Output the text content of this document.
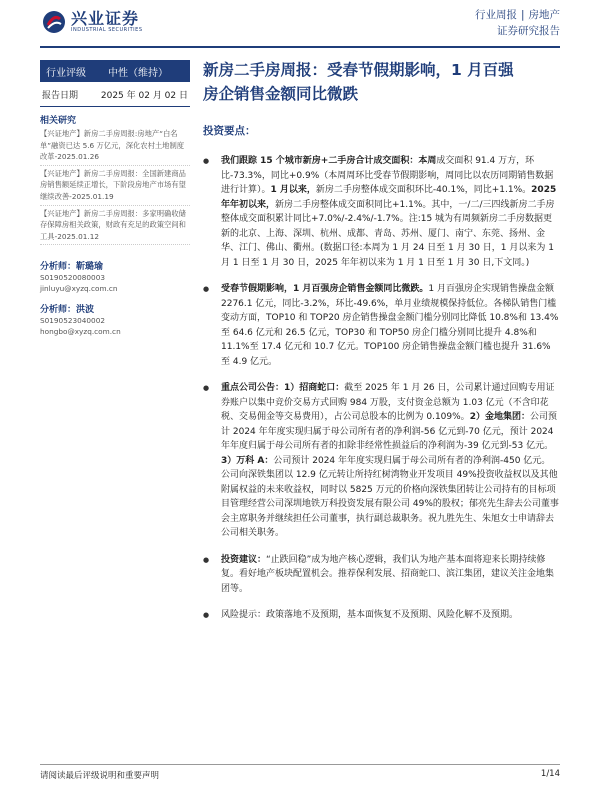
兴业证券
INDUSTRIAL SECURITIES
行业周报 | 房地产
证券研究报告
行业评级	中性（维持）
报告日期	2025 年 02 月 02 日
相关研究
【兴证地产】新房二手房周报:房地产“白名单”融资已达 5.6 万亿元，深化农村土地制度改革-2025.01.26
【兴证地产】新房二手房周报：全国新建商品房销售额延续正增长，下阶段房地产市场有望继续改善-2025.01.19
【兴证地产】新房二手房周报：多家明确收储存保障房相关政策，财政有充足的政策空间和工具-2025.01.12
分析师：靳璐瑜
S0190520080003
jinluyu@xyzq.com.cn
分析师：洪波
S0190523040002
hongbo@xyzq.com.cn
新房二手房周报：受春节假期影响，1 月百强
房企销售金额同比微跌
投资要点：
● 我们跟踪 15 个城市新房+二手房合计成交面积：本周成交面积 91.4 万方，环比-73.3%，同比+0.9%（本周周环比受春节假期影响，周同比以农历同期销售数据进行计算）。1 月以来，新房二手房整体成交面积环比-40.1%，同比+1.1%。2025 年年初以来，新房二手房整体成交面积同比+1.1%。其中，一/二/三四线新房二手房整体成交面积累计同比+7.0%/-2.4%/-1.7%。注:15 城为有周频新房二手房数据更新的北京、上海、深圳、杭州、成都、青岛、苏州、厦门、南宁、东莞、扬州、金华、江门、佛山、衢州。(数据口径:本周为 1 月 24 日至 1 月 30 日，1 月以来为 1 月 1 日至 1 月 30 日，2025 年年初以来为 1 月 1 日至 1 月 30 日,下文同。)
● 受春节假期影响，1 月百强房企销售金额同比微跌。1 月百强房企实现销售操盘金额 2276.1 亿元，同比-3.2%，环比-49.6%，单月业绩规模保持低位。各梯队销售门槛变动方面，TOP10 和 TOP20 房企销售操盘金额门槛分别同比降低 10.8%和 13.4%至 64.6 亿元和 26.5 亿元，TOP30 和 TOP50 房企门槛分别同比提升 4.8%和 11.1%至 17.4 亿元和 10.7 亿元。TOP100 房企销售操盘金额门槛也提升 31.6%至 4.9 亿元。
● 重点公司公告：1）招商蛇口：截至 2025 年 1 月 26 日，公司累计通过回购专用证券账户以集中竞价交易方式回购 984 万股，支付资金总额为 1.03 亿元（不含印花税、交易佣金等交易费用），占公司总股本的比例为 0.109%。2）金地集团：公司预计 2024 年年度实现归属于母公司所有者的净利润-56 亿元到-70 亿元，预计 2024 年年度归属于母公司所有者的扣除非经常性损益后的净利润为-39 亿元到-53 亿元。3）万科 A：公司预计 2024 年年度实现归属于母公司所有者的净利润-450 亿元。公司向深铁集团以 12.9 亿元转让所持红树湾物业开发项目 49%投资收益权以及其他附属权益的未来收益权，同时以 5825 万元的价格向深铁集团转让公司持有的目标项目管理经营公司深圳地铁万科投资发展有限公司 49%的股权；郁亮先生辞去公司董事会主席职务并继续担任公司董事，执行副总裁职务。祝九胜先生、朱旭女士申请辞去公司相关职务。
● 投资建议：“止跌回稳”成为地产核心逻辑，我们认为地产基本面将迎来长期持续修复。看好地产板块配置机会。推荐保利发展、招商蛇口、滨江集团，建议关注金地集团等。
● 风险提示：政策落地不及预期，基本面恢复不及预期、风险化解不及预期。
请阅读最后评级说明和重要声明	1/14
